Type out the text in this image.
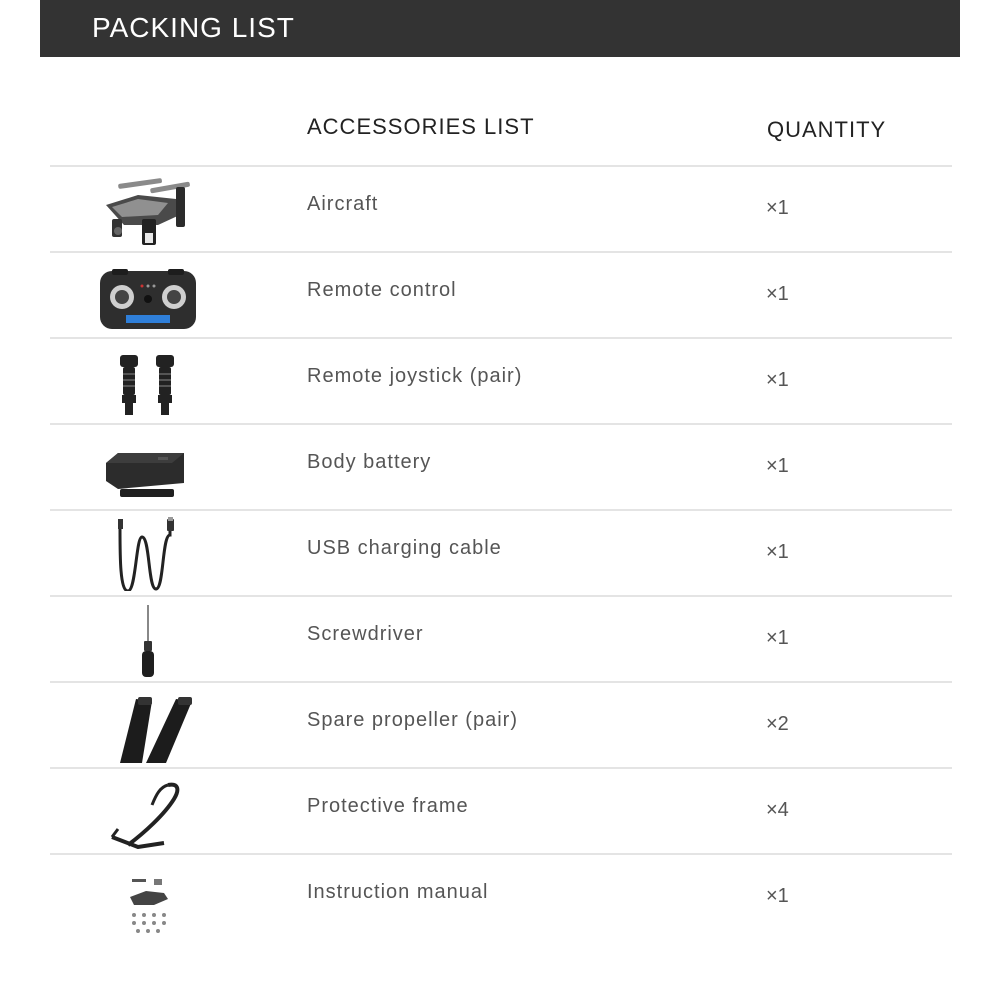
PACKING LIST
ACCESSORIES LIST	QUANTITY
Aircraft	×1
Remote control	×1
Remote joystick (pair)	×1
Body battery	×1
USB charging cable	×1
Screwdriver	×1
Spare propeller (pair)	×2
Protective frame	×4
Instruction manual	×1
